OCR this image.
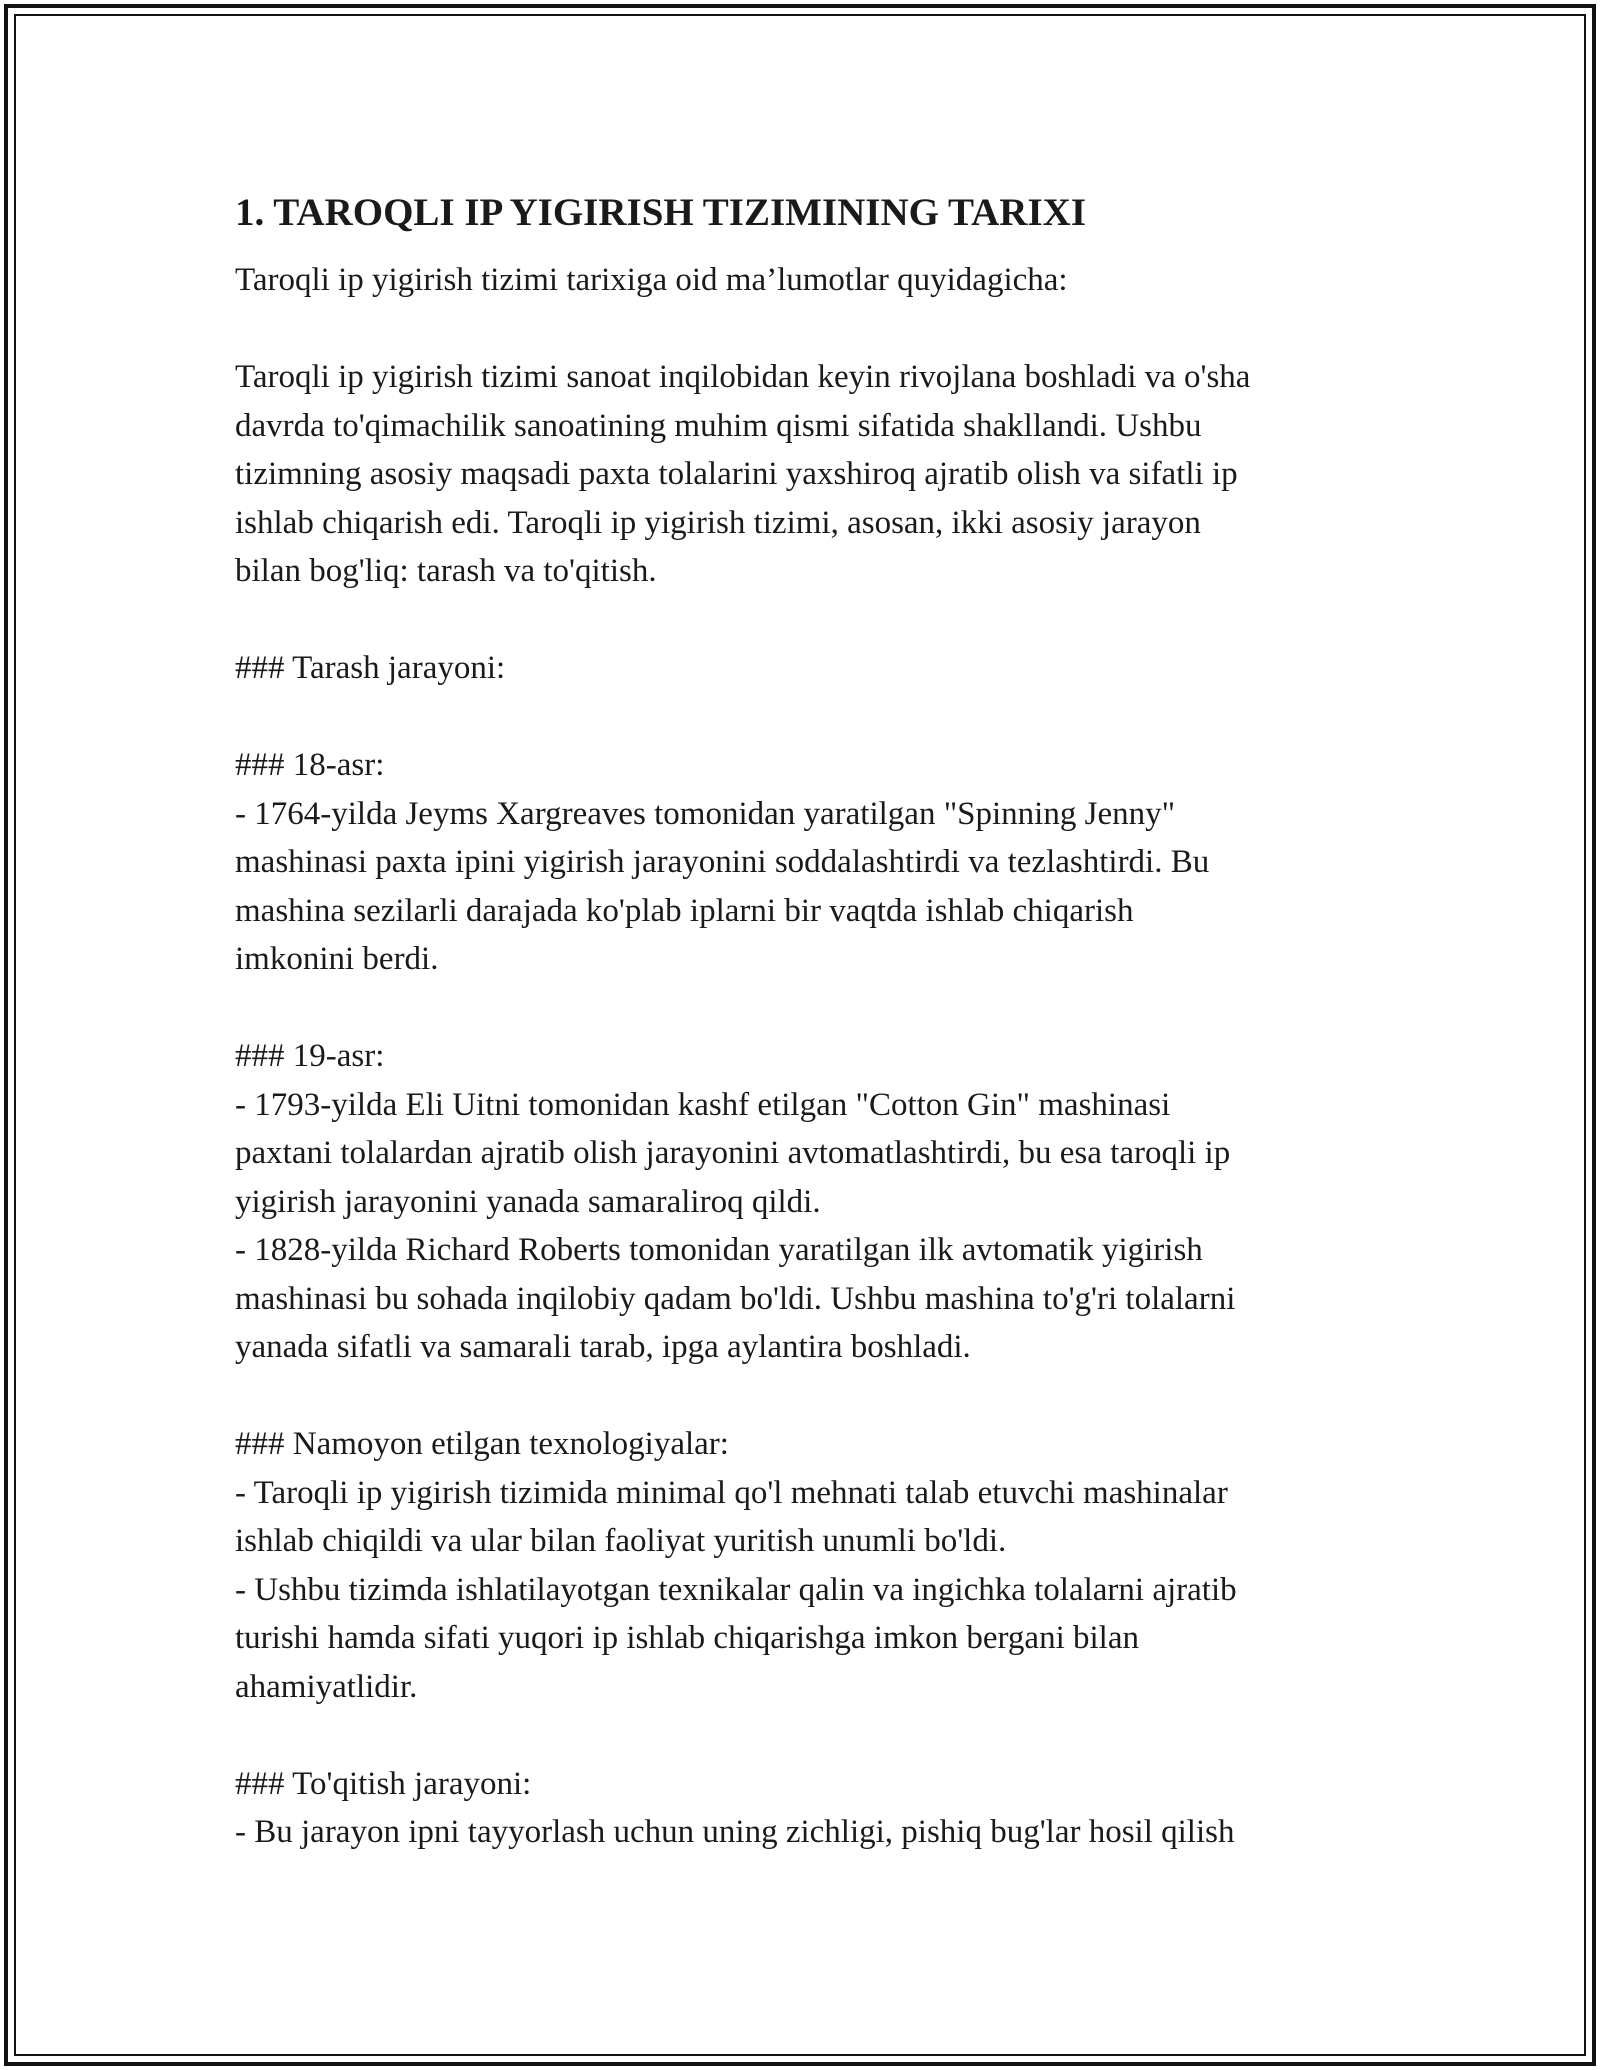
1. TAROQLI IP YIGIRISH TIZIMINING TARIXI
Taroqli ip yigirish tizimi tarixiga oid ma’lumotlar quyidagicha:
Taroqli ip yigirish tizimi sanoat inqilobidan keyin rivojlana boshladi va o'sha
davrda to'qimachilik sanoatining muhim qismi sifatida shakllandi. Ushbu
tizimning asosiy maqsadi paxta tolalarini yaxshiroq ajratib olish va sifatli ip
ishlab chiqarish edi. Taroqli ip yigirish tizimi, asosan, ikki asosiy jarayon
bilan bog'liq: tarash va to'qitish.
### Tarash jarayoni:
### 18-asr:
- 1764-yilda Jeyms Xargreaves tomonidan yaratilgan "Spinning Jenny"
mashinasi paxta ipini yigirish jarayonini soddalashtirdi va tezlashtirdi. Bu
mashina sezilarli darajada ko'plab iplarni bir vaqtda ishlab chiqarish
imkonini berdi.
### 19-asr:
- 1793-yilda Eli Uitni tomonidan kashf etilgan "Cotton Gin" mashinasi
paxtani tolalardan ajratib olish jarayonini avtomatlashtirdi, bu esa taroqli ip
yigirish jarayonini yanada samaraliroq qildi.
- 1828-yilda Richard Roberts tomonidan yaratilgan ilk avtomatik yigirish
mashinasi bu sohada inqilobiy qadam bo'ldi. Ushbu mashina to'g'ri tolalarni
yanada sifatli va samarali tarab, ipga aylantira boshladi.
### Namoyon etilgan texnologiyalar:
- Taroqli ip yigirish tizimida minimal qo'l mehnati talab etuvchi mashinalar
ishlab chiqildi va ular bilan faoliyat yuritish unumli bo'ldi.
- Ushbu tizimda ishlatilayotgan texnikalar qalin va ingichka tolalarni ajratib
turishi hamda sifati yuqori ip ishlab chiqarishga imkon bergani bilan
ahamiyatlidir.
### To'qitish jarayoni:
- Bu jarayon ipni tayyorlash uchun uning zichligi, pishiq bug'lar hosil qilish
